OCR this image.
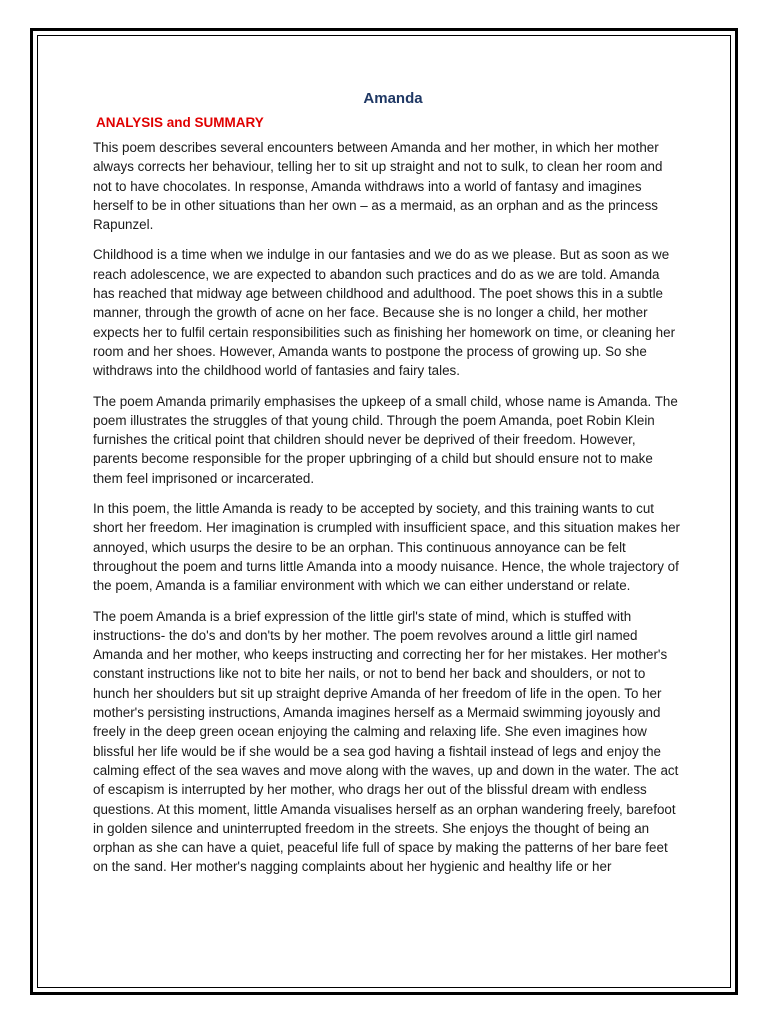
Amanda
ANALYSIS and SUMMARY

This poem describes several encounters between Amanda and her mother, in which her mother always corrects her behaviour, telling her to sit up straight and not to sulk, to clean her room and not to have chocolates. In response, Amanda withdraws into a world of fantasy and imagines herself to be in other situations than her own – as a mermaid, as an orphan and as the princess Rapunzel.

Childhood is a time when we indulge in our fantasies and we do as we please. But as soon as we reach adolescence, we are expected to abandon such practices and do as we are told. Amanda has reached that midway age between childhood and adulthood. The poet shows this in a subtle manner, through the growth of acne on her face. Because she is no longer a child, her mother expects her to fulfil certain responsibilities such as finishing her homework on time, or cleaning her room and her shoes. However, Amanda wants to postpone the process of growing up. So she withdraws into the childhood world of fantasies and fairy tales.

The poem Amanda primarily emphasises the upkeep of a small child, whose name is Amanda. The poem illustrates the struggles of that young child. Through the poem Amanda, poet Robin Klein furnishes the critical point that children should never be deprived of their freedom. However, parents become responsible for the proper upbringing of a child but should ensure not to make them feel imprisoned or incarcerated.

In this poem, the little Amanda is ready to be accepted by society, and this training wants to cut short her freedom. Her imagination is crumpled with insufficient space, and this situation makes her annoyed, which usurps the desire to be an orphan. This continuous annoyance can be felt throughout the poem and turns little Amanda into a moody nuisance. Hence, the whole trajectory of the poem, Amanda is a familiar environment with which we can either understand or relate.

The poem Amanda is a brief expression of the little girl's state of mind, which is stuffed with instructions- the do's and don'ts by her mother. The poem revolves around a little girl named Amanda and her mother, who keeps instructing and correcting her for her mistakes. Her mother's constant instructions like not to bite her nails, or not to bend her back and shoulders, or not to hunch her shoulders but sit up straight deprive Amanda of her freedom of life in the open. To her mother's persisting instructions, Amanda imagines herself as a Mermaid swimming joyously and freely in the deep green ocean enjoying the calming and relaxing life. She even imagines how blissful her life would be if she would be a sea god having a fishtail instead of legs and enjoy the calming effect of the sea waves and move along with the waves, up and down in the water. The act of escapism is interrupted by her mother, who drags her out of the blissful dream with endless questions. At this moment, little Amanda visualises herself as an orphan wandering freely, barefoot in golden silence and uninterrupted freedom in the streets. She enjoys the thought of being an orphan as she can have a quiet, peaceful life full of space by making the patterns of her bare feet on the sand. Her mother's nagging complaints about her hygienic and healthy life or her
